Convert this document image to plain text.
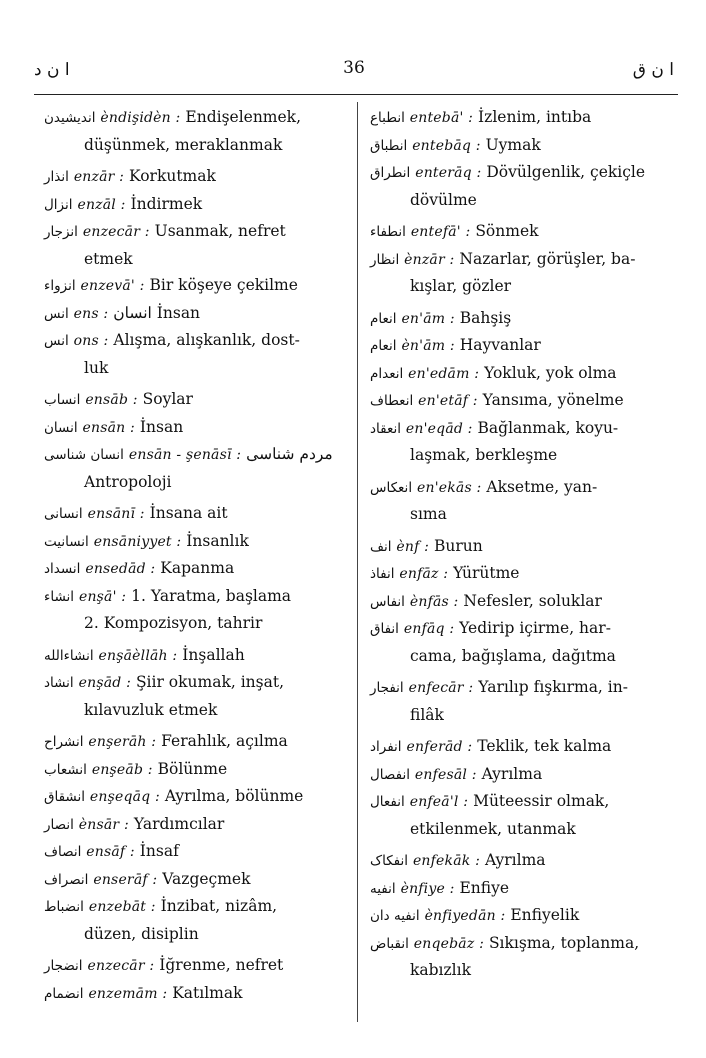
ا ن د	36	ا ن ق
اندیشیدن èndişidèn : Endişelenmek,
düşünmek, meraklanmak
انذار enzār : Korkutmak
انزال enzāl : İndirmek
انزجار enzecār : Usanmak, nefret
etmek
انزواء enzevā' : Bir köşeye çekilme
انس ens : انسان İnsan
انس ons : Alışma, alışkanlık, dost-
luk
انساب ensāb : Soylar
انسان ensān : İnsan
انسان شناسی ensān - şenāsī : مردم شناسی
Antropoloji
انسانی ensānī : İnsana ait
انسانیت ensāniyyet : İnsanlık
انسداد ensedād : Kapanma
انشاء enşā' : 1. Yaratma, başlama
2. Kompozisyon, tahrir
انشاءالله enşāèllāh : İnşallah
انشاد enşād : Şiir okumak, inşat,
kılavuzluk etmek
انشراح enşerāh : Ferahlık, açılma
انشعاب enşeāb : Bölünme
انشقاق enşeqāq : Ayrılma, bölünme
انصار ènsār : Yardımcılar
انصاف ensāf : İnsaf
انصراف enserāf : Vazgeçmek
انضباط enzebāt : İnzibat, nizâm,
düzen, disiplin
انضجار enzecār : İğrenme, nefret
انضمام enzemām : Katılmak
انطباع entebā' : İzlenim, intıba
انطباق entebāq : Uymak
انطراق enterāq : Dövülgenlik, çekiçle
dövülme
انطفاء entefā' : Sönmek
انظار ènzār : Nazarlar, görüşler, ba-
kışlar, gözler
انعام en'ām : Bahşiş
انعام èn'ām : Hayvanlar
انعدام en'edām : Yokluk, yok olma
انعطاف en'etāf : Yansıma, yönelme
انعقاد en'eqād : Bağlanmak, koyu-
laşmak, berkleşme
انعکاس en'ekās : Aksetme, yan-
sıma
انف ènf : Burun
انفاذ enfāz : Yürütme
انفاس ènfās : Nefesler, soluklar
انفاق enfāq : Yedirip içirme, har-
cama, bağışlama, dağıtma
انفجار enfecār : Yarılıp fışkırma, in-
filâk
انفراد enferād : Teklik, tek kalma
انفصال enfesāl : Ayrılma
انفعال enfeā'l : Müteessir olmak,
etkilenmek, utanmak
انفکاک enfekāk : Ayrılma
انفیه ènfiye : Enfiye
انفیه دان ènfiyedān : Enfiyelik
انقباض enqebāz : Sıkışma, toplanma,
kabızlık
